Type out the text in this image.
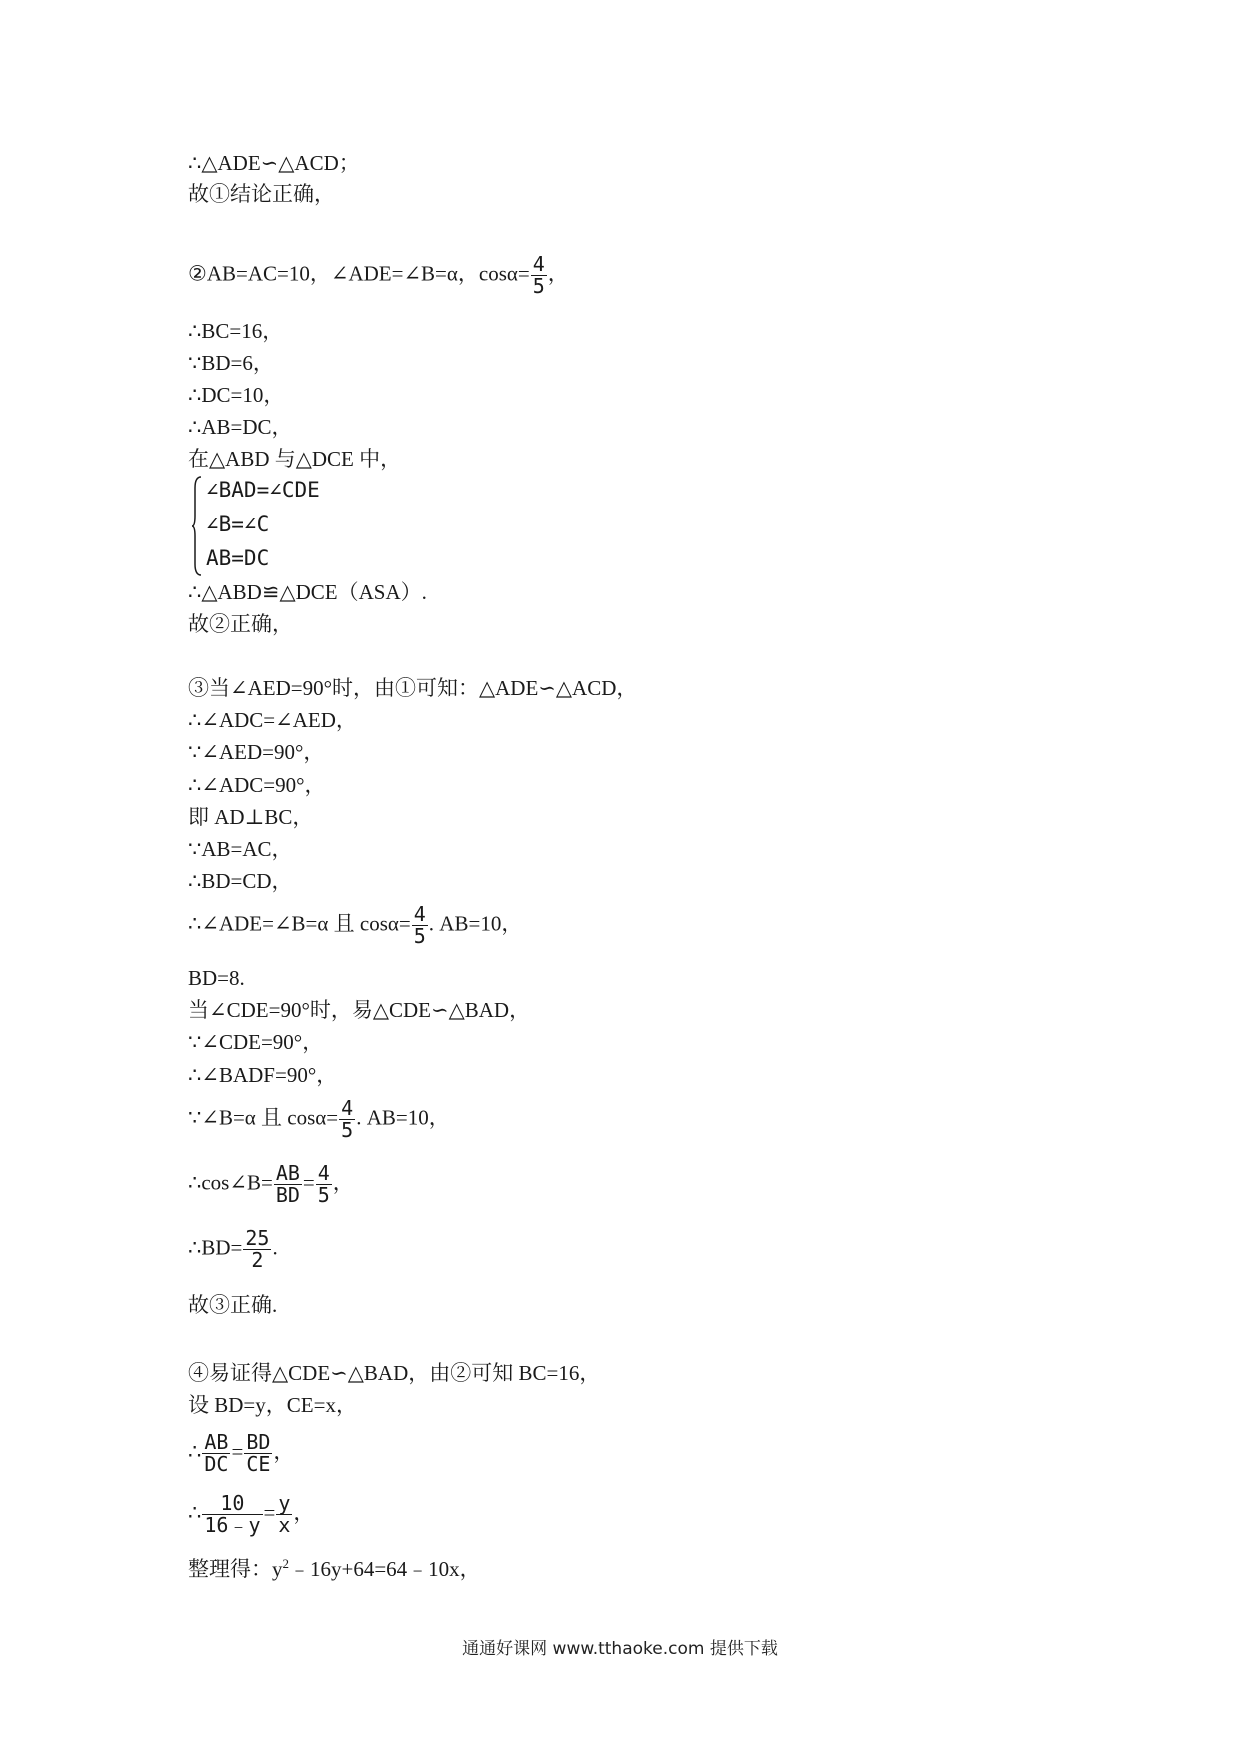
∴△ADE∽△ACD；
故①结论正确，
②AB=AC=10，∠ADE=∠B=α，$\cos\alpha= \frac{4}{5}$ ，
∴BC=16，
∵BD=6，
∴DC=10，
∴AB=DC，
在△ABD 与△DCE 中，
∠BAD=∠CDE
∠B=∠C
AB=DC
∴△ABD≌△DCE（ASA）.
故②正确，
③当∠AED=90°时，由①可知：△ADE∽△ACD，
∴∠ADC=∠AED，
∵∠AED=90°，
∴∠ADC=90°，
即 AD⊥BC，
∵AB=AC，
∴BD=CD，
∴∠ADE=∠B=α 且 $\cos\alpha= \frac{4}{5}$ . AB=10，
BD=8.
当∠CDE=90°时，易△CDE∽△BAD，
∵∠CDE=90°，
∴∠BADF=90°，
∵∠B=α 且 $\cos\alpha= \frac{4}{5}$ . AB=10，
∴cos∠B= $\frac{AB}{BD} = \frac{4}{5}$ ，
∴BD= $\frac{25}{2}$ .
故③正确.
④易证得△CDE∽△BAD，由②可知 BC=16，
设 BD=y，CE=x，
∴ $\frac{AB}{DC} = \frac{BD}{CE}$ ，
∴ $\frac{10}{16﹣y} = \frac{y}{x}$ ，
整理得：$y^2﹣16y+64=64﹣10x$，
通通好课网 www.tthaoke.com 提供下载
